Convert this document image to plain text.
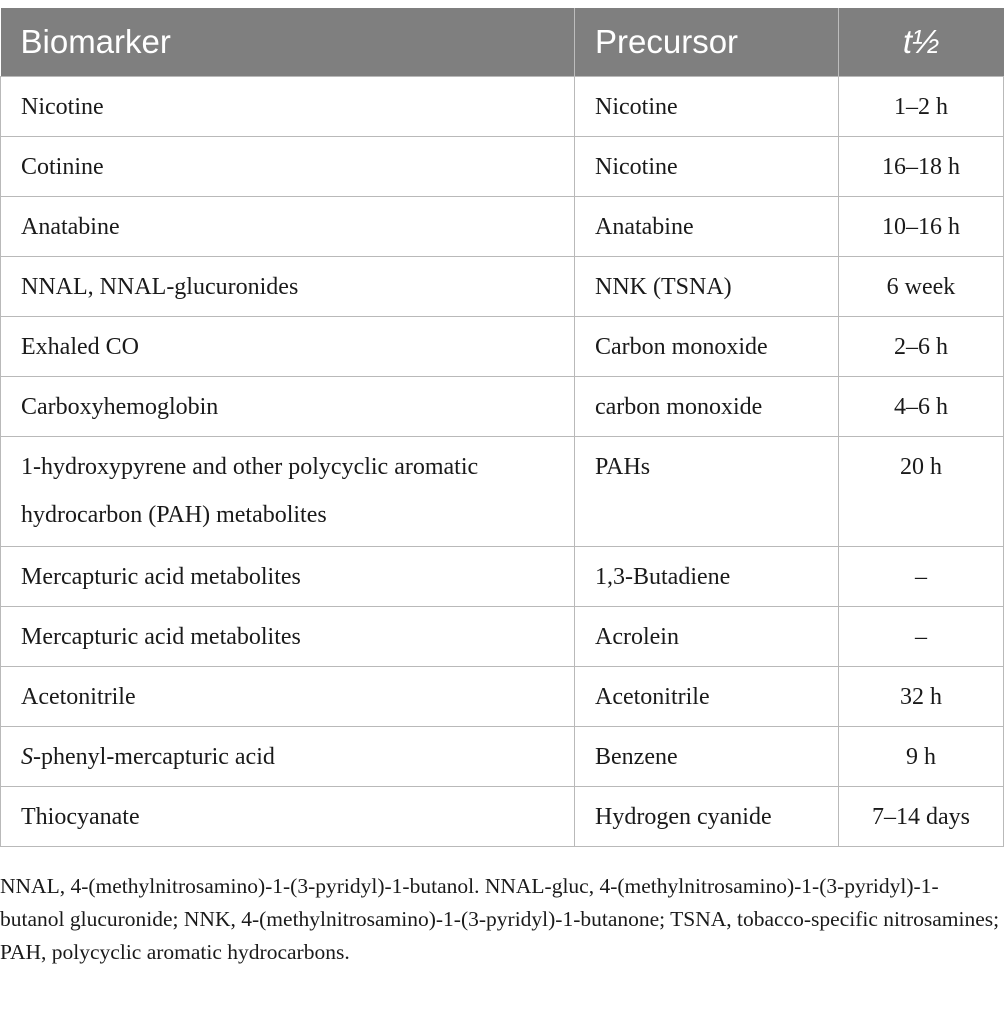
Biomarker	Precursor	t½
Nicotine	Nicotine	1–2 h
Cotinine	Nicotine	16–18 h
Anatabine	Anatabine	10–16 h
NNAL, NNAL-glucuronides	NNK (TSNA)	6 week
Exhaled CO	Carbon monoxide	2–6 h
Carboxyhemoglobin	carbon monoxide	4–6 h
1-hydroxypyrene and other polycyclic aromatic hydrocarbon (PAH) metabolites	PAHs	20 h
Mercapturic acid metabolites	1,3-Butadiene	–
Mercapturic acid metabolites	Acrolein	–
Acetonitrile	Acetonitrile	32 h
S-phenyl-mercapturic acid	Benzene	9 h
Thiocyanate	Hydrogen cyanide	7–14 days
NNAL, 4-(methylnitrosamino)-1-(3-pyridyl)-1-butanol. NNAL-gluc, 4-(methylnitrosamino)-1-(3-pyridyl)-1-butanol glucuronide; NNK, 4-(methylnitrosamino)-1-(3-pyridyl)-1-butanone; TSNA, tobacco-specific nitrosamines; PAH, polycyclic aromatic hydrocarbons.
